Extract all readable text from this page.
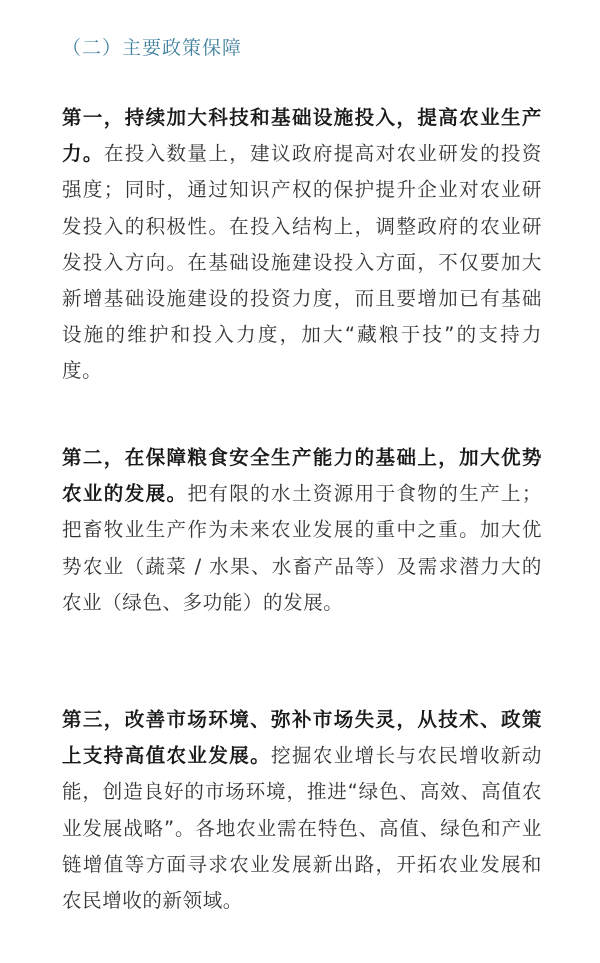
（二）主要政策保障

第一，持续加大科技和基础设施投入，提高农业生产力。在投入数量上，建议政府提高对农业研发的投资强度；同时，通过知识产权的保护提升企业对农业研发投入的积极性。在投入结构上，调整政府的农业研发投入方向。在基础设施建设投入方面，不仅要加大新增基础设施建设的投资力度，而且要增加已有基础设施的维护和投入力度，加大“藏粮于技”的支持力度。

第二，在保障粮食安全生产能力的基础上，加大优势农业的发展。把有限的水土资源用于食物的生产上；把畜牧业生产作为未来农业发展的重中之重。加大优势农业（蔬菜 / 水果、水畜产品等）及需求潜力大的农业（绿色、多功能）的发展。

第三，改善市场环境、弥补市场失灵，从技术、政策上支持高值农业发展。挖掘农业增长与农民增收新动能，创造良好的市场环境，推进“绿色、高效、高值农业发展战略”。各地农业需在特色、高值、绿色和产业链增值等方面寻求农业发展新出路，开拓农业发展和农民增收的新领域。
